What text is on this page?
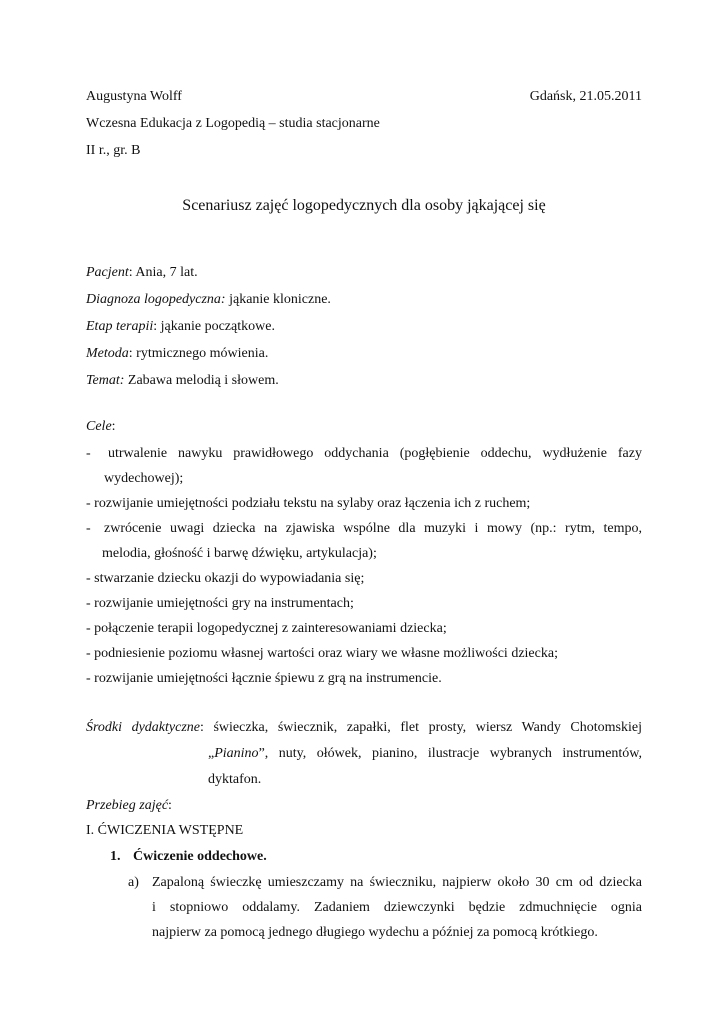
Augustyna Wolff	Gdańsk, 21.05.2011
Wczesna Edukacja z Logopedią – studia stacjonarne
II r., gr. B
Scenariusz zajęć logopedycznych dla osoby jąkającej się
Pacjent: Ania, 7 lat.
Diagnoza logopedyczna: jąkanie kloniczne.
Etap terapii: jąkanie początkowe.
Metoda: rytmicznego mówienia.
Temat: Zabawa melodią i słowem.
Cele:
- utrwalenie nawyku prawidłowego oddychania (pogłębienie oddechu, wydłużenie fazy
wydechowej);
- rozwijanie umiejętności podziału tekstu na sylaby oraz łączenia ich z ruchem;
- zwrócenie uwagi dziecka na zjawiska wspólne dla muzyki i mowy (np.: rytm, tempo,
melodia, głośność i barwę dźwięku, artykulacja);
- stwarzanie dziecku okazji do wypowiadania się;
- rozwijanie umiejętności gry na instrumentach;
- połączenie terapii logopedycznej z zainteresowaniami dziecka;
- podniesienie poziomu własnej wartości oraz wiary we własne możliwości dziecka;
- rozwijanie umiejętności łącznie śpiewu z grą na instrumencie.
Środki dydaktyczne: świeczka, świecznik, zapałki, flet prosty, wiersz Wandy Chotomskiej
„Pianino”, nuty, ołówek, pianino, ilustracje wybranych instrumentów,
dyktafon.
Przebieg zajęć:
I. ĆWICZENIA WSTĘPNE
1. Ćwiczenie oddechowe.
a) Zapaloną świeczkę umieszczamy na świeczniku, najpierw około 30 cm od dziecka
i stopniowo oddalamy. Zadaniem dziewczynki będzie zdmuchnięcie ognia
najpierw za pomocą jednego długiego wydechu a później za pomocą krótkiego.
